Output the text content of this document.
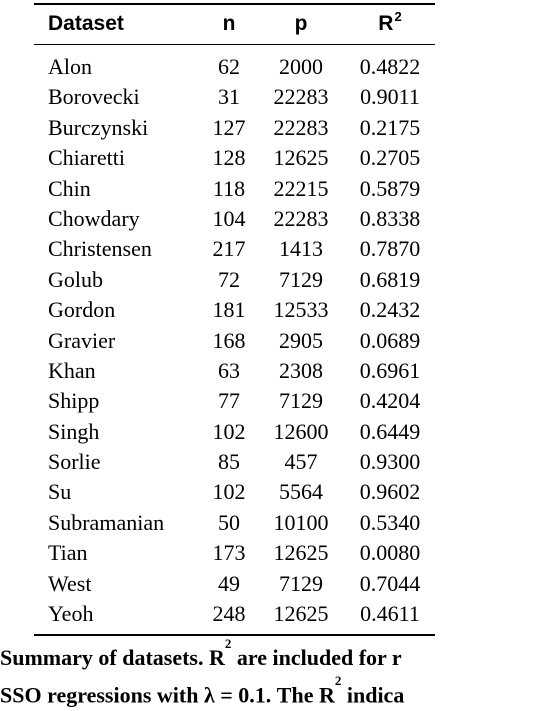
Dataset	n	p	$R^2$
Alon	62	2000	0.4822
Borovecki	31	22283	0.9011
Burczynski	127	22283	0.2175
Chiaretti	128	12625	0.2705
Chin	118	22215	0.5879
Chowdary	104	22283	0.8338
Christensen	217	1413	0.7870
Golub	72	7129	0.6819
Gordon	181	12533	0.2432
Gravier	168	2905	0.0689
Khan	63	2308	0.6961
Shipp	77	7129	0.4204
Singh	102	12600	0.6449
Sorlie	85	457	0.9300
Su	102	5564	0.9602
Subramanian	50	10100	0.5340
Tian	173	12625	0.0080
West	49	7129	0.7044
Yeoh	248	12625	0.4611
Summary of datasets. $R^2$ are included for r
SSO regressions with λ = 0.1. The $R^2$ indica
